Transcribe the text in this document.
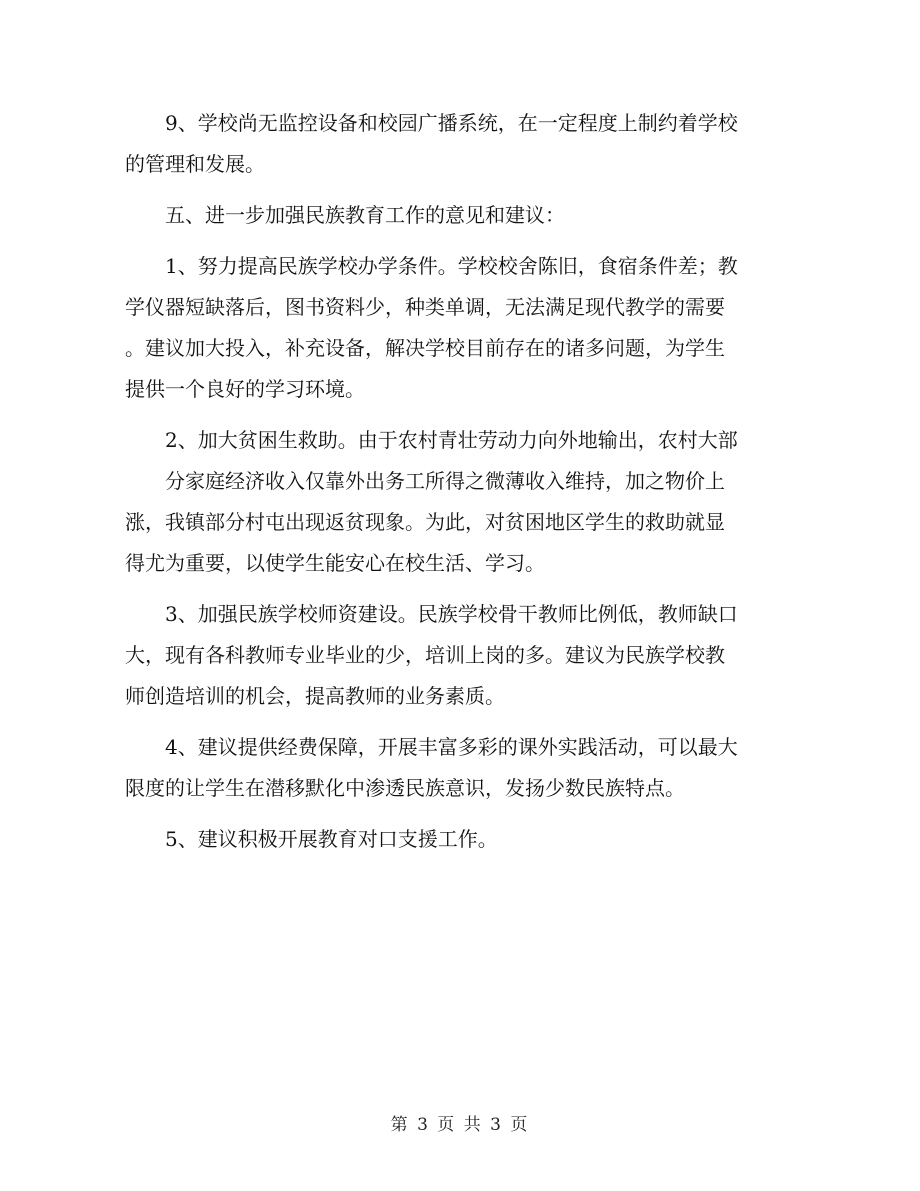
　　9、学校尚无监控设备和校园广播系统，在一定程度上制约着学校
的管理和发展。
　　五、进一步加强民族教育工作的意见和建议：
　　1、努力提高民族学校办学条件。学校校舍陈旧，食宿条件差；教
学仪器短缺落后，图书资料少，种类单调，无法满足现代教学的需要
。建议加大投入，补充设备，解决学校目前存在的诸多问题，为学生
提供一个良好的学习环境。
　　2、加大贫困生救助。由于农村青壮劳动力向外地输出，农村大部
　　分家庭经济收入仅靠外出务工所得之微薄收入维持，加之物价上
涨，我镇部分村屯出现返贫现象。为此，对贫困地区学生的救助就显
得尤为重要，以使学生能安心在校生活、学习。
　　3、加强民族学校师资建设。民族学校骨干教师比例低，教师缺口
大，现有各科教师专业毕业的少，培训上岗的多。建议为民族学校教
师创造培训的机会，提高教师的业务素质。
　　4、建议提供经费保障，开展丰富多彩的课外实践活动，可以最大
限度的让学生在潜移默化中渗透民族意识，发扬少数民族特点。
　　5、建议积极开展教育对口支援工作。
第 3 页 共 3 页
